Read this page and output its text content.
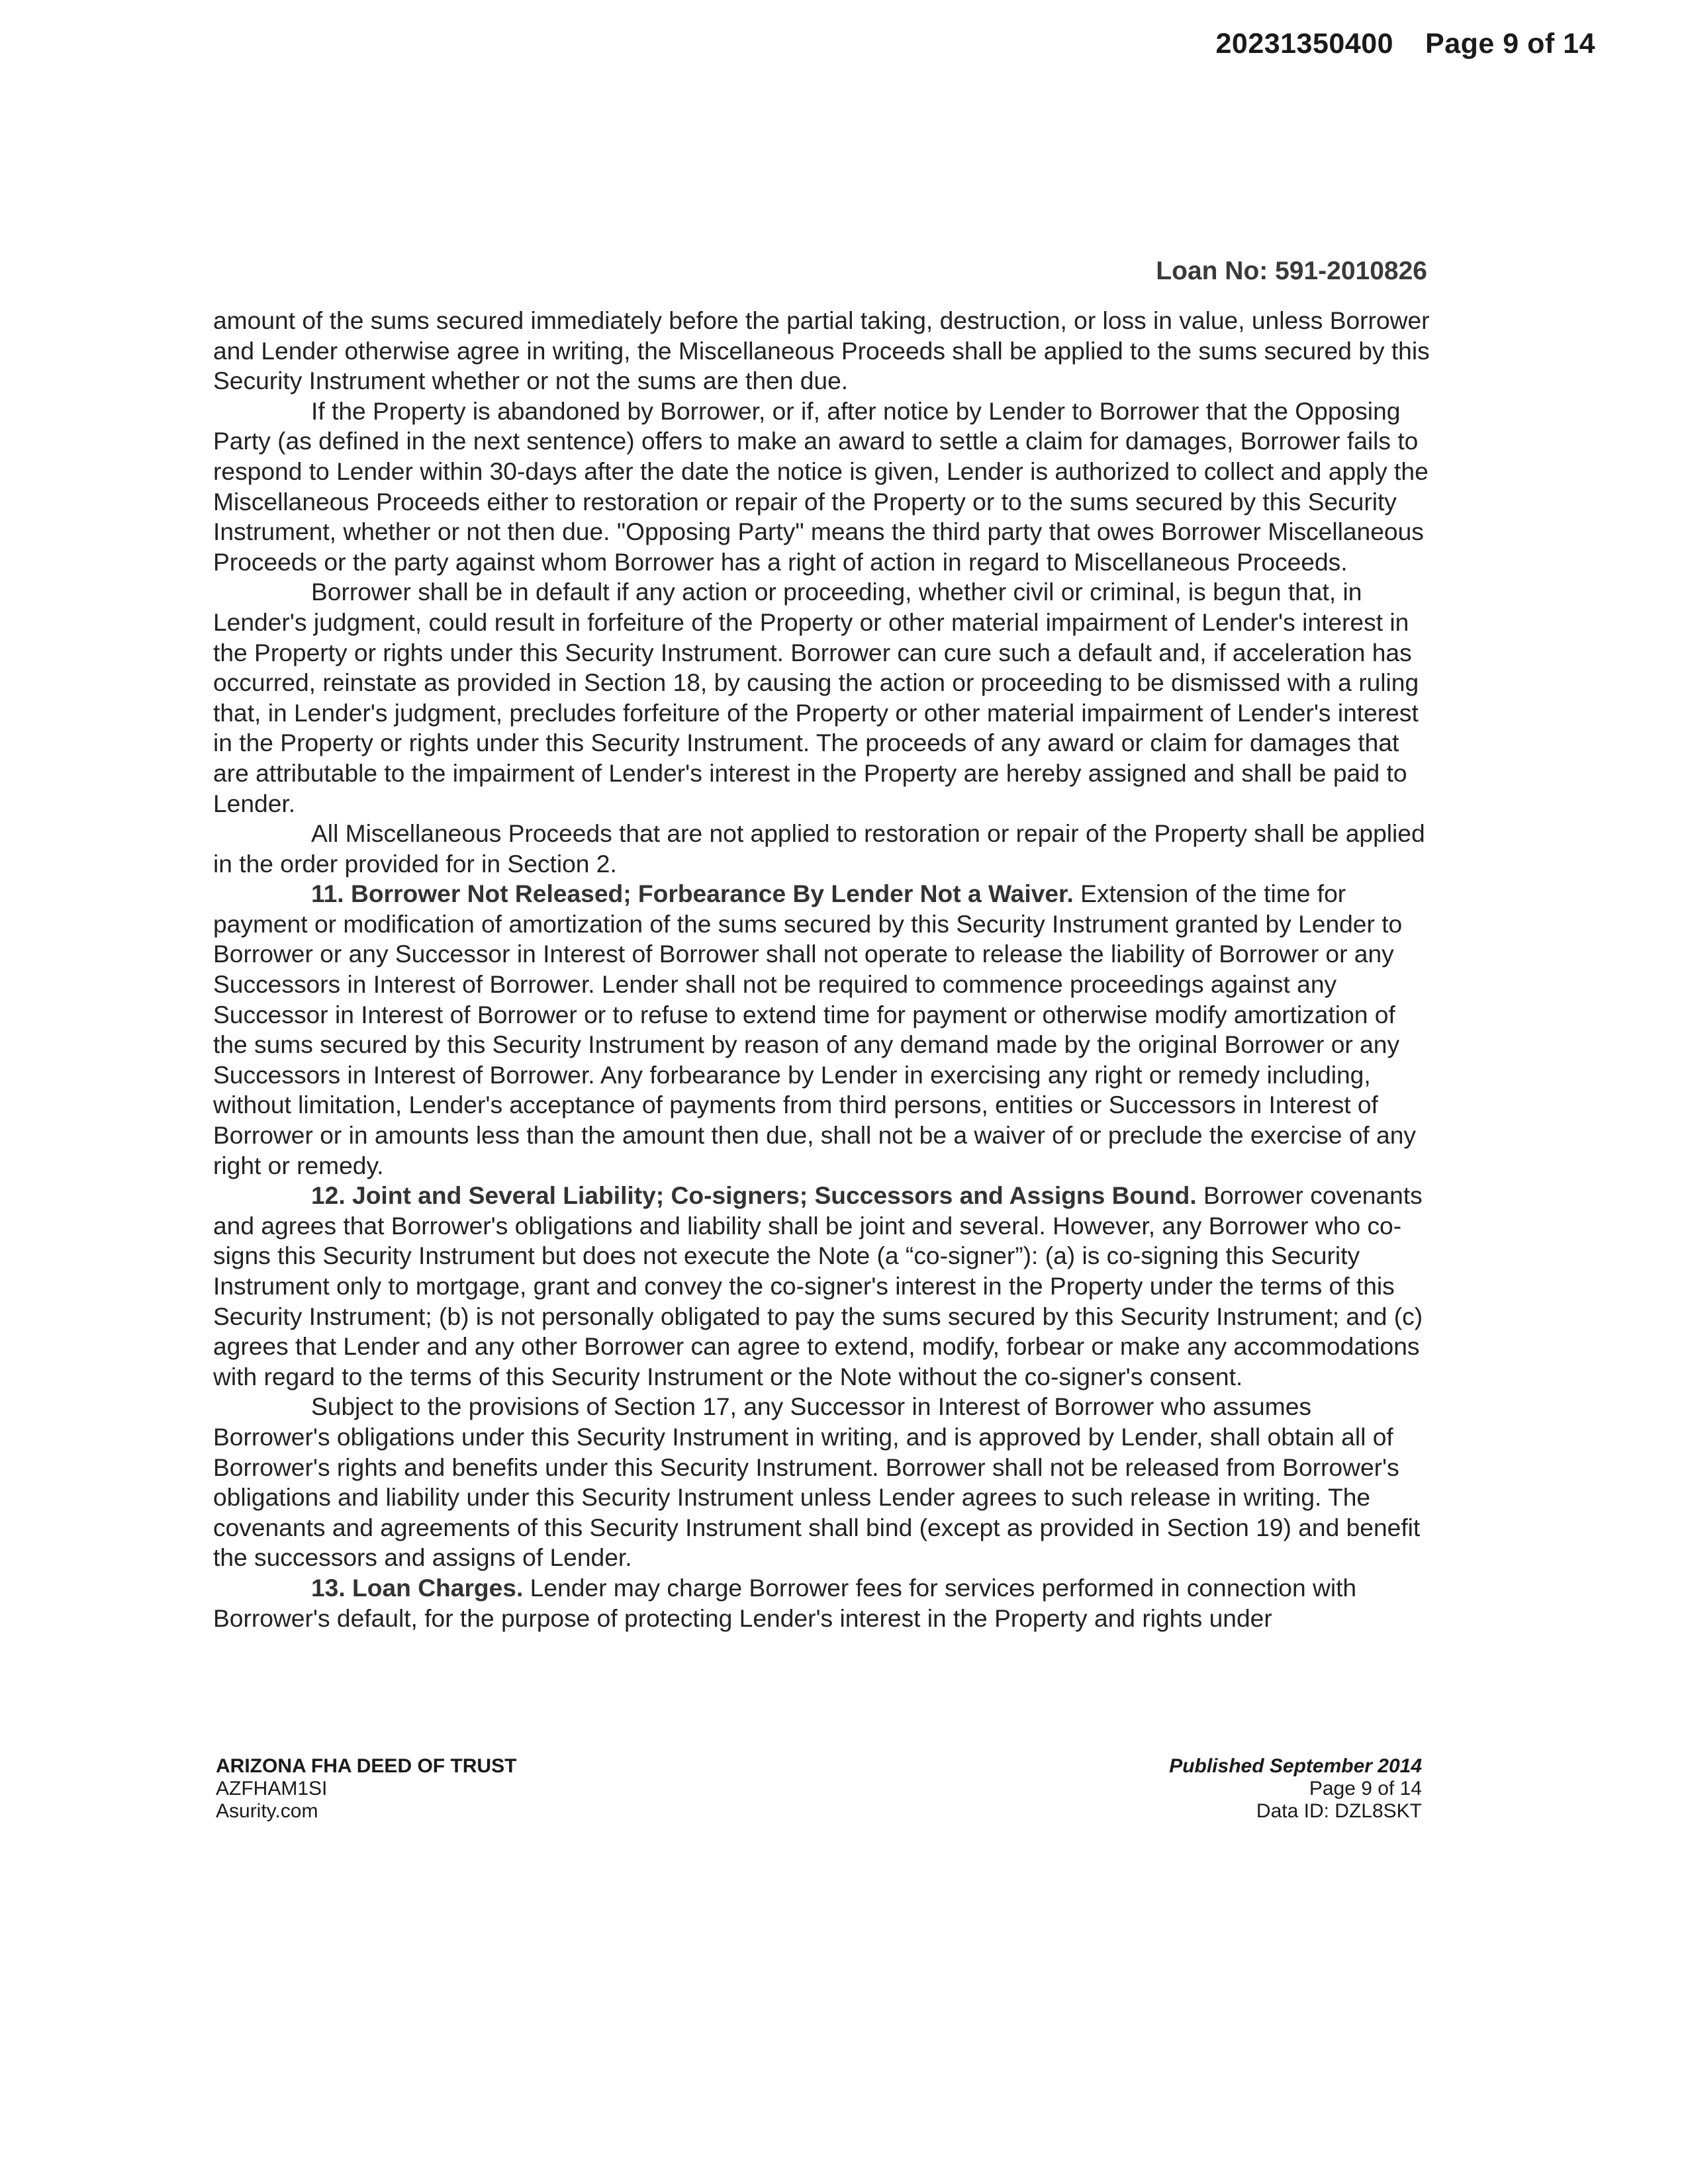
20231350400 Page 9 of 14
Loan No: 591-2010826

amount of the sums secured immediately before the partial taking, destruction, or loss in value, unless Borrower and Lender otherwise agree in writing, the Miscellaneous Proceeds shall be applied to the sums secured by this Security Instrument whether or not the sums are then due.

If the Property is abandoned by Borrower, or if, after notice by Lender to Borrower that the Opposing Party (as defined in the next sentence) offers to make an award to settle a claim for damages, Borrower fails to respond to Lender within 30-days after the date the notice is given, Lender is authorized to collect and apply the Miscellaneous Proceeds either to restoration or repair of the Property or to the sums secured by this Security Instrument, whether or not then due. "Opposing Party" means the third party that owes Borrower Miscellaneous Proceeds or the party against whom Borrower has a right of action in regard to Miscellaneous Proceeds.

Borrower shall be in default if any action or proceeding, whether civil or criminal, is begun that, in Lender's judgment, could result in forfeiture of the Property or other material impairment of Lender's interest in the Property or rights under this Security Instrument. Borrower can cure such a default and, if acceleration has occurred, reinstate as provided in Section 18, by causing the action or proceeding to be dismissed with a ruling that, in Lender's judgment, precludes forfeiture of the Property or other material impairment of Lender's interest in the Property or rights under this Security Instrument. The proceeds of any award or claim for damages that are attributable to the impairment of Lender's interest in the Property are hereby assigned and shall be paid to Lender.

All Miscellaneous Proceeds that are not applied to restoration or repair of the Property shall be applied in the order provided for in Section 2.

11. Borrower Not Released; Forbearance By Lender Not a Waiver. Extension of the time for payment or modification of amortization of the sums secured by this Security Instrument granted by Lender to Borrower or any Successor in Interest of Borrower shall not operate to release the liability of Borrower or any Successors in Interest of Borrower. Lender shall not be required to commence proceedings against any Successor in Interest of Borrower or to refuse to extend time for payment or otherwise modify amortization of the sums secured by this Security Instrument by reason of any demand made by the original Borrower or any Successors in Interest of Borrower. Any forbearance by Lender in exercising any right or remedy including, without limitation, Lender's acceptance of payments from third persons, entities or Successors in Interest of Borrower or in amounts less than the amount then due, shall not be a waiver of or preclude the exercise of any right or remedy.

12. Joint and Several Liability; Co-signers; Successors and Assigns Bound. Borrower covenants and agrees that Borrower's obligations and liability shall be joint and several. However, any Borrower who co-signs this Security Instrument but does not execute the Note (a “co-signer”): (a) is co-signing this Security Instrument only to mortgage, grant and convey the co-signer's interest in the Property under the terms of this Security Instrument; (b) is not personally obligated to pay the sums secured by this Security Instrument; and (c) agrees that Lender and any other Borrower can agree to extend, modify, forbear or make any accommodations with regard to the terms of this Security Instrument or the Note without the co-signer's consent.

Subject to the provisions of Section 17, any Successor in Interest of Borrower who assumes Borrower's obligations under this Security Instrument in writing, and is approved by Lender, shall obtain all of Borrower's rights and benefits under this Security Instrument. Borrower shall not be released from Borrower's obligations and liability under this Security Instrument unless Lender agrees to such release in writing. The covenants and agreements of this Security Instrument shall bind (except as provided in Section 19) and benefit the successors and assigns of Lender.

13. Loan Charges. Lender may charge Borrower fees for services performed in connection with Borrower's default, for the purpose of protecting Lender's interest in the Property and rights under

ARIZONA FHA DEED OF TRUST
AZFHAM1SI
Asurity.com
Published September 2014
Page 9 of 14
Data ID: DZL8SKT
